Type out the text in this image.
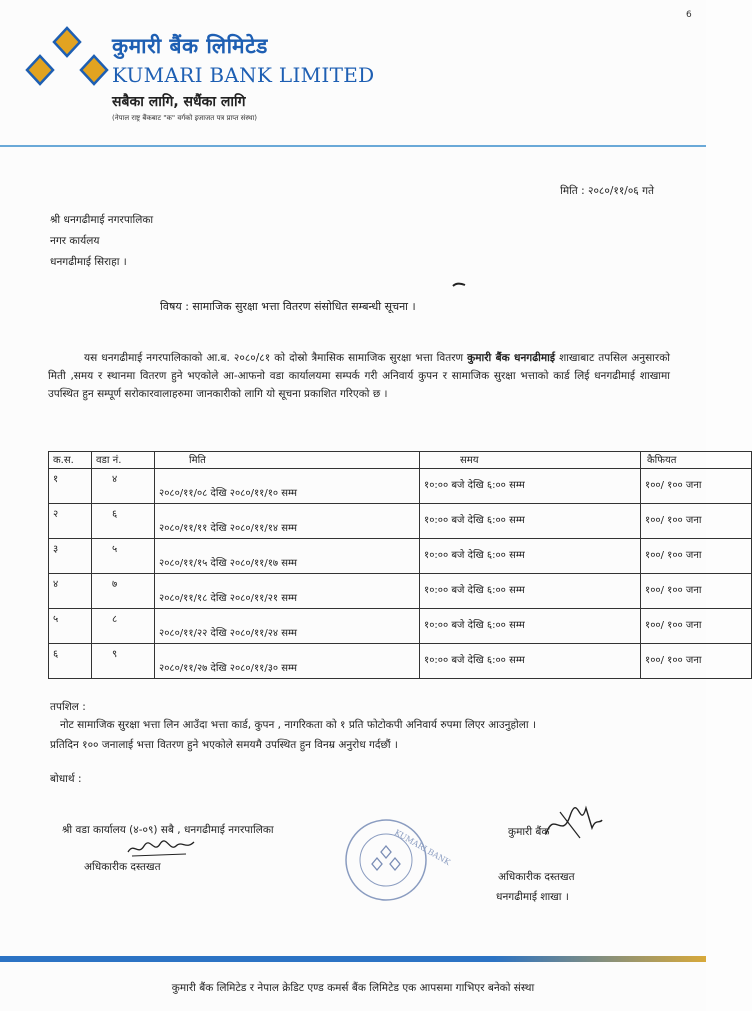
कुमारी बैंक लिमिटेड
KUMARI BANK LIMITED
सबैका लागि, सधैंका लागि
(नेपाल राष्ट्र बैंकबाट "क" वर्गको इजाजत पत्र प्राप्त संस्था)
6
मिति : २०८०/११/०६ गते
श्री धनगढीमाई नगरपालिका
नगर कार्यलय
धनगढीमाई सिराहा ।
विषय : सामाजिक सुरक्षा भत्ता वितरण संसोधित सम्बन्धी सूचना ।
यस धनगढीमाई नगरपालिकाको आ.ब. २०८०/८१ को दोस्रो त्रैमासिक सामाजिक सुरक्षा भत्ता वितरण कुमारी बैंक धनगढीमाई शाखाबाट तपसिल अनुसारको मिती ,समय र स्थानमा वितरण हुने भएकोले आ-आफनो वडा कार्यालयमा सम्पर्क गरी अनिवार्य कुपन र सामाजिक सुरक्षा भत्ताको कार्ड लिई धनगढीमाई शाखामा उपस्थित हुन सम्पूर्ण सरोकारवालाहरुमा जानकारीको लागि यो सूचना प्रकाशित गरिएको छ ।
क.स.	वडा नं.	मिति	समय	कैफियत

१	४	२०८०/११/०८ देखि २०८०/११/१० सम्म	१०:०० बजे देखि ६:०० सम्म	१००/ १०० जना

२	६	२०८०/११/११ देखि २०८०/११/१४ सम्म	१०:०० बजे देखि ६:०० सम्म	१००/ १०० जना

३	५	२०८०/११/१५ देखि २०८०/११/१७ सम्म	१०:०० बजे देखि ६:०० सम्म	१००/ १०० जना

४	७	२०८०/११/१८ देखि २०८०/११/२१ सम्म	१०:०० बजे देखि ६:०० सम्म	१००/ १०० जना

५	८	२०८०/११/२२ देखि २०८०/११/२४ सम्म	१०:०० बजे देखि ६:०० सम्म	१००/ १०० जना

६	९	२०८०/११/२७ देखि २०८०/११/३० सम्म	१०:०० बजे देखि ६:०० सम्म	१००/ १०० जना
तपशिल :
नोट सामाजिक सुरक्षा भत्ता लिन आउँदा भत्ता कार्ड, कुपन , नागरिकता को १ प्रति फोटोकपी अनिवार्य रुपमा लिएर आउनुहोला ।
प्रतिदिन १०० जनालाई भत्ता वितरण हुने भएकोले समयमै उपस्थित हुन विनम्र अनुरोध गर्दछौं ।
बोधार्थ :
श्री वडा कार्यालय (४-०९) सबै , धनगढीमाई नगरपालिका
अधिकारीक दस्तखत	KUMARI BANK	कुमारी बैंक
अधिकारीक दस्तखत
धनगढीमाई शाखा ।
कुमारी बैंक लिमिटेड र नेपाल क्रेडिट एण्ड कमर्स बैंक लिमिटेड एक आपसमा गाभिएर बनेको संस्था
